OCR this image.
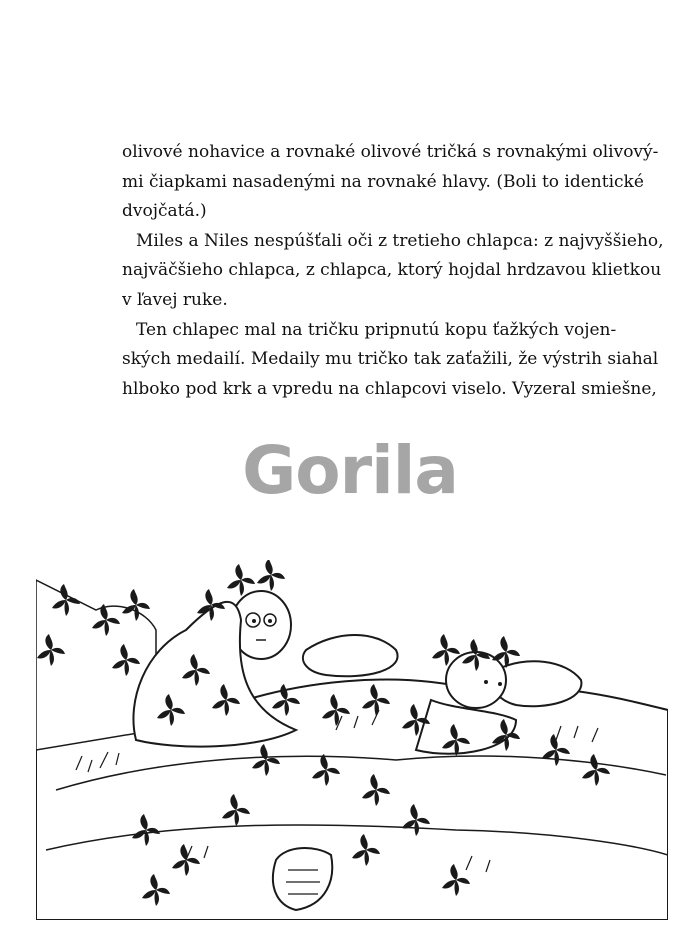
olivové nohavice a rovnaké olivové tričká s rovnakými olivový-
mi čiapkami nasadenými na rovnaké hlavy. (Boli to identické
dvojčatá.)

Miles a Niles nespúšťali oči z tretieho chlapca: z najvyššieho,
najväčšieho chlapca, z chlapca, ktorý hojdal hrdzavou klietkou
v ľavej ruke.

Ten chlapec mal na tričku pripnutú kopu ťažkých vojen-
ských medailí. Medaily mu tričko tak zaťažili, že výstrih siahal
hlboko pod krk a vpredu na chlapcovi viselo. Vyzeral smiešne,

Gorila
